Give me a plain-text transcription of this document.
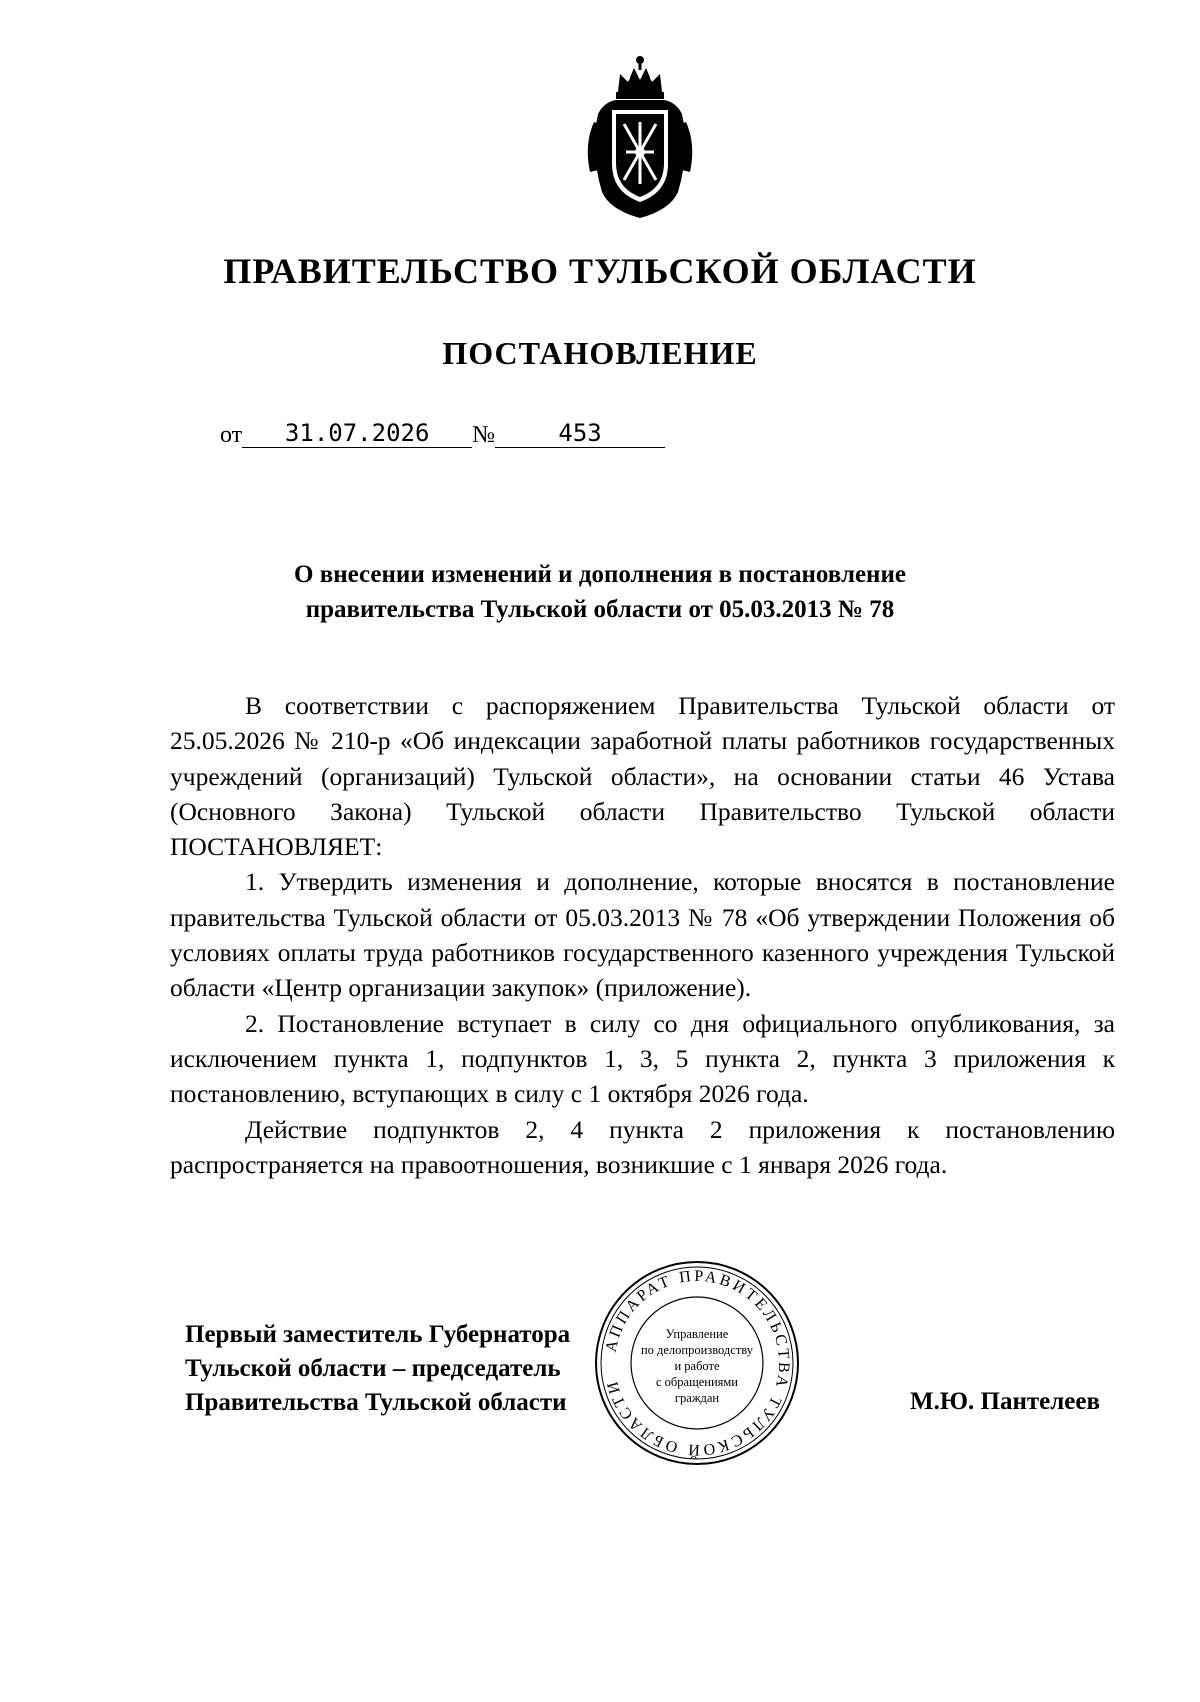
ПРАВИТЕЛЬСТВО ТУЛЬСКОЙ ОБЛАСТИ
ПОСТАНОВЛЕНИЕ
от	31.07.2026	№	453
О внесении изменений и дополнения в постановление
правительства Тульской области от 05.03.2013 № 78

В соответствии с распоряжением Правительства Тульской области от 25.05.2026 № 210-р «Об индексации заработной платы работников государственных учреждений (организаций) Тульской области», на основании статьи 46 Устава (Основного Закона) Тульской области Правительство Тульской области ПОСТАНОВЛЯЕТ:

1. Утвердить изменения и дополнение, которые вносятся в постановление правительства Тульской области от 05.03.2013 № 78 «Об утверждении Положения об условиях оплаты труда работников государственного казенного учреждения Тульской области «Центр организации закупок» (приложение).

2. Постановление вступает в силу со дня официального опубликования, за исключением пункта 1, подпунктов 1, 3, 5 пункта 2, пункта 3 приложения к постановлению, вступающих в силу с 1 октября 2026 года.

Действие подпунктов 2, 4 пункта 2 приложения к постановлению распространяется на правоотношения, возникшие с 1 января 2026 года.

Первый заместитель Губернатора
Тульской области – председатель
Правительства Тульской области	М.Ю. Пантелеев
АППАРАТ ПРАВИТЕЛЬСТВА ТУЛЬСКОЙ ОБЛАСТИ
Управление
по делопроизводству
и работе
с обращениями
граждан
